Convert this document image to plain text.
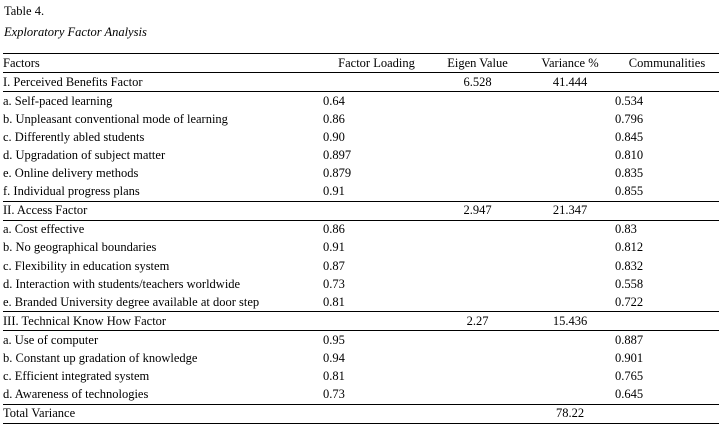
Table 4.
Exploratory Factor Analysis
Factors	Factor Loading	Eigen Value	Variance %	Communalities
I. Perceived Benefits Factor		6.528	41.444	
a. Self-paced learning	0.64			0.534
b. Unpleasant conventional mode of learning	0.86			0.796
c. Differently abled students	0.90			0.845
d. Upgradation of subject matter	0.897			0.810
e. Online delivery methods	0.879			0.835
f. Individual progress plans	0.91			0.855
II. Access Factor		2.947	21.347	
a. Cost effective	0.86			0.83
b. No geographical boundaries	0.91			0.812
c. Flexibility in education system	0.87			0.832
d. Interaction with students/teachers worldwide	0.73			0.558
e. Branded University degree available at door step	0.81			0.722
III. Technical Know How Factor		2.27	15.436	
a. Use of computer	0.95			0.887
b. Constant up gradation of knowledge	0.94			0.901
c. Efficient integrated system	0.81			0.765
d. Awareness of technologies	0.73			0.645
Total Variance			78.22	
